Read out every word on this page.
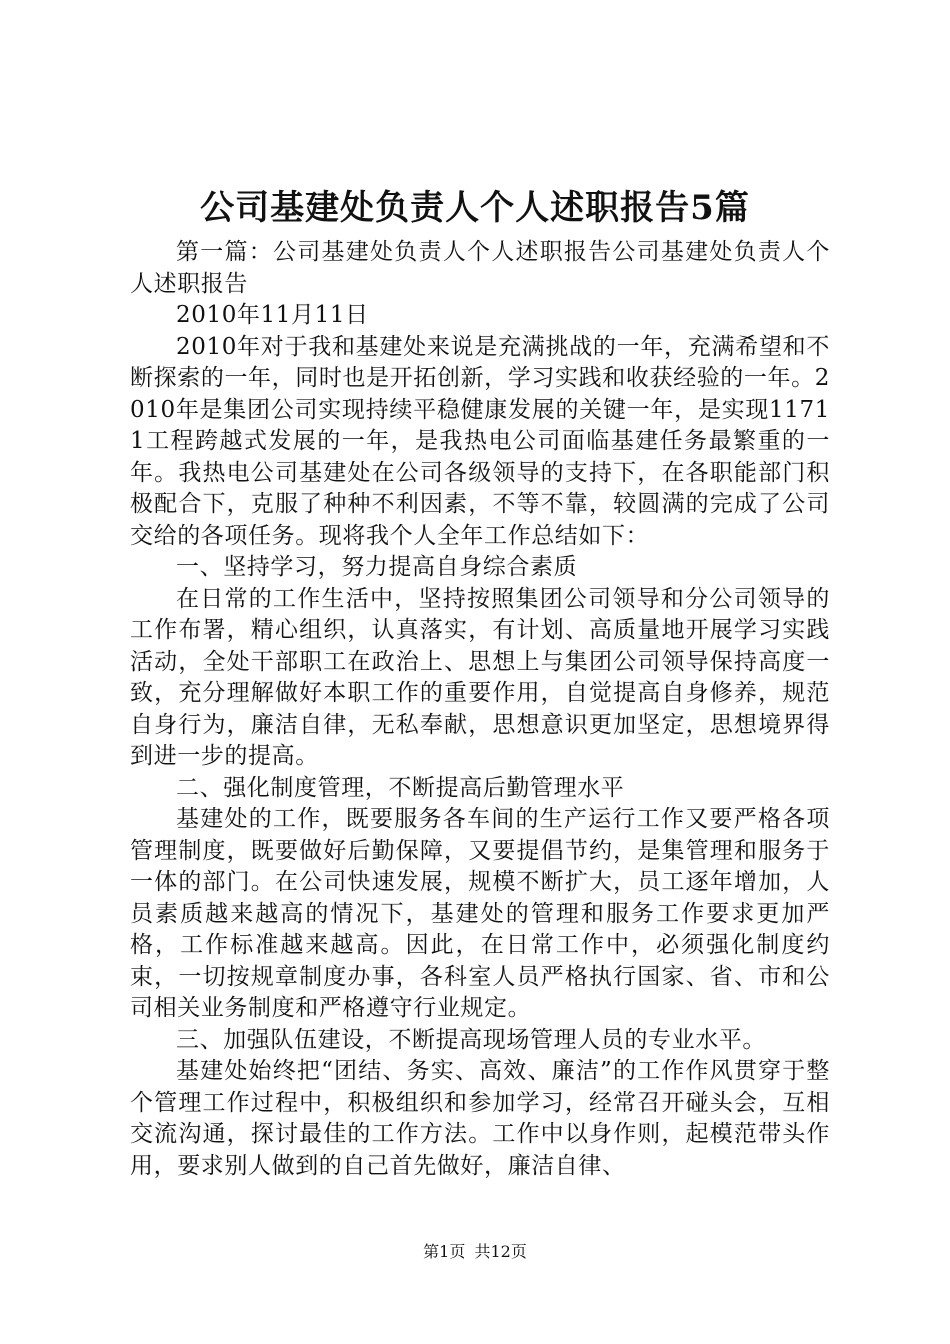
公司基建处负责人个人述职报告5篇

第一篇：公司基建处负责人个人述职报告公司基建处负责人个人述职报告

2010年11月11日

2010年对于我和基建处来说是充满挑战的一年，充满希望和不断探索的一年，同时也是开拓创新，学习实践和收获经验的一年。2010年是集团公司实现持续平稳健康发展的关键一年，是实现11711工程跨越式发展的一年，是我热电公司面临基建任务最繁重的一年。我热电公司基建处在公司各级领导的支持下，在各职能部门积极配合下，克服了种种不利因素，不等不靠，较圆满的完成了公司交给的各项任务。现将我个人全年工作总结如下：

一、坚持学习，努力提高自身综合素质

在日常的工作生活中，坚持按照集团公司领导和分公司领导的工作布署，精心组织，认真落实，有计划、高质量地开展学习实践活动，全处干部职工在政治上、思想上与集团公司领导保持高度一致，充分理解做好本职工作的重要作用，自觉提高自身修养，规范自身行为，廉洁自律，无私奉献，思想意识更加坚定，思想境界得到进一步的提高。

二、强化制度管理，不断提高后勤管理水平

基建处的工作，既要服务各车间的生产运行工作又要严格各项管理制度，既要做好后勤保障，又要提倡节约，是集管理和服务于一体的部门。在公司快速发展，规模不断扩大，员工逐年增加，人员素质越来越高的情况下，基建处的管理和服务工作要求更加严格，工作标准越来越高。因此，在日常工作中，必须强化制度约束，一切按规章制度办事，各科室人员严格执行国家、省、市和公司相关业务制度和严格遵守行业规定。

三、加强队伍建设，不断提高现场管理人员的专业水平。

基建处始终把“团结、务实、高效、廉洁”的工作作风贯穿于整个管理工作过程中，积极组织和参加学习，经常召开碰头会，互相交流沟通，探讨最佳的工作方法。工作中以身作则，起模范带头作用，要求别人做到的自己首先做好，廉洁自律、

第1页 共12页
